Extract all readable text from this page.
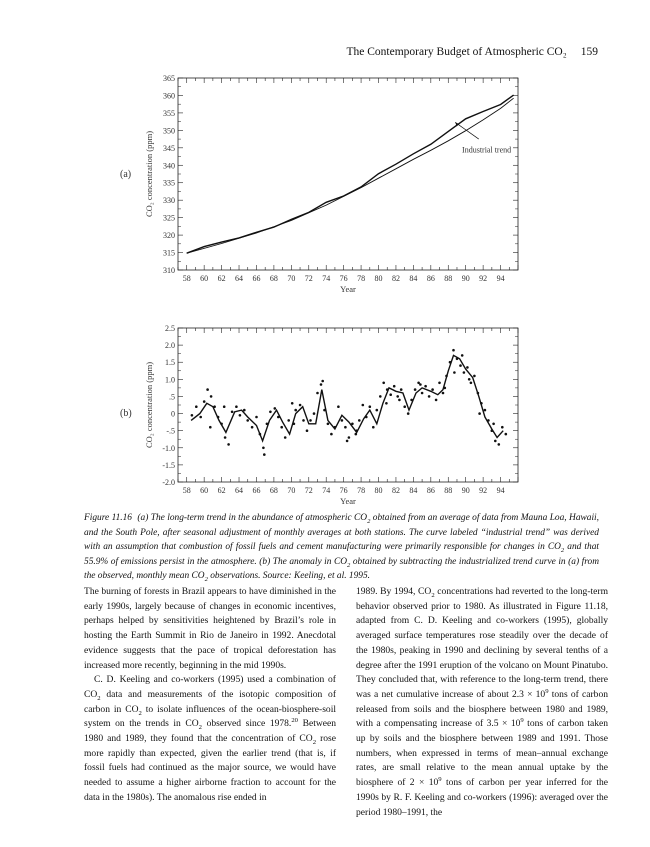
The Contemporary Budget of Atmospheric CO₂ 159
(a)
(b)
58 60 62 64 66 68 70 72 74 76 78 80 82 84 86 88 90 92 94
310
315
320
325
330
335
340
345
350
355
360
365
Year
CO₂ concentration (ppm)	Industrial trend
58 60 62 64 66 68 70 72 74 76 78 80 82 84 86 88 90 92 94
-2.0
-1.5
-1.0
-.5
0
.5
1.0
1.5
2.0
2.5
Year
CO₂ concentration (ppm)
Figure 11.16 (a) The long-term trend in the abundance of atmospheric $CO_2$ obtained from an average of data from Mauna Loa, Hawaii, and the South Pole, after seasonal adjustment of monthly averages at both stations. The curve labeled “industrial trend” was derived with an assumption that combustion of fossil fuels and cement manufacturing were primarily responsible for changes in $CO_2$ and that 55.9% of emissions persist in the atmosphere. (b) The anomaly in $CO_2$ obtained by subtracting the industrialized trend curve in (a) from the observed, monthly mean $CO_2$ observations. Source: Keeling, et al. 1995.

The burning of forests in Brazil appears to have diminished in the early 1990s, largely because of changes in economic incentives, perhaps helped by sensitivities heightened by Brazil’s role in hosting the Earth Summit in Rio de Janeiro in 1992. Anecdotal evidence suggests that the pace of tropical deforestation has increased more recently, beginning in the mid 1990s.

C. D. Keeling and co-workers (1995) used a combination of $CO_2$ data and measurements of the isotopic composition of carbon in $CO_2$ to isolate influences of the ocean-biosphere-soil system on the trends in $CO_2$ observed since 1978.20 Between 1980 and 1989, they found that the concentration of $CO_2$ rose more rapidly than expected, given the earlier trend (that is, if fossil fuels had continued as the major source, we would have needed to assume a higher airborne fraction to account for the data in the 1980s). The anomalous rise ended in

1989. By 1994, $CO_2$ concentrations had reverted to the long-term behavior observed prior to 1980. As illustrated in Figure 11.18, adapted from C. D. Keeling and co-workers (1995), globally averaged surface temperatures rose steadily over the decade of the 1980s, peaking in 1990 and declining by several tenths of a degree after the 1991 eruption of the volcano on Mount Pinatubo. They concluded that, with reference to the long-term trend, there was a net cumulative increase of about $2.3 \times 10^9$ tons of carbon released from soils and the biosphere between 1980 and 1989, with a compensating increase of $3.5 \times 10^9$ tons of carbon taken up by soils and the biosphere between 1989 and 1991. Those numbers, when expressed in terms of mean–annual exchange rates, are small relative to the mean annual uptake by the biosphere of $2 \times 10^9$ tons of carbon per year inferred for the 1990s by R. F. Keeling and co-workers (1996): averaged over the period 1980–1991, the
